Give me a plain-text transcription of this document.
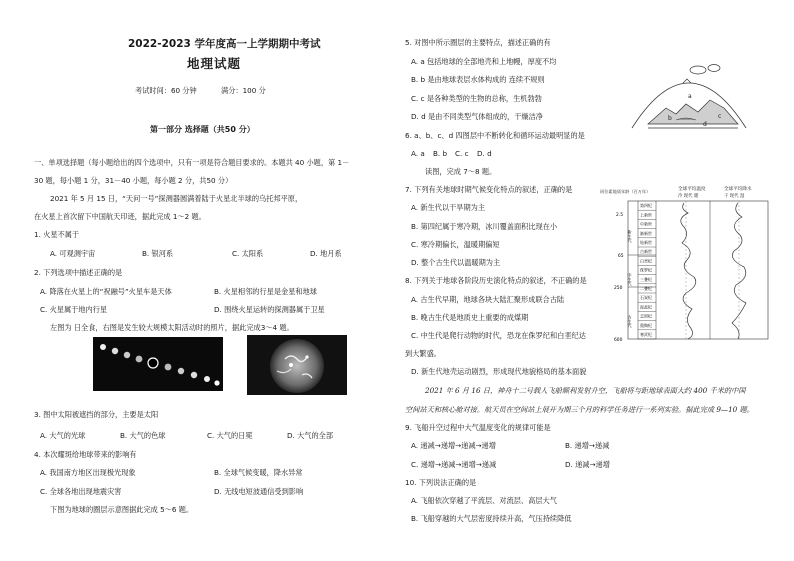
2022-2023 学年度高一上学期期中考试
地理试题
考试时间：60 分钟	满分：100 分
第一部分 选择题（共50 分）
一、单项选择题（每小题给出的四个选项中，只有一项是符合题目要求的。本题共 40 小题，第 1－
30 题，每小题 1 分，31－40 小题，每小题 2 分，共50 分）
2021 年 5 月 15 日，“天问一号”探测器圆满着陆于火星北半球的乌托邦平原，
在火星上首次留下中国航天印迹，据此完成 1～2 题。
1. 火星不属于
A. 可观测宇宙	B. 银河系	C. 太阳系	D. 地月系
2. 下列选项中描述正确的是
A. 降落在火星上的“祝融号”火星车是天体	B. 火星相邻的行星是金星和地球
C. 火星属于地内行星	D. 围绕火星运转的探测器属于卫星
左图为 日全食，右图是发生较大规模太阳活动时的照片，据此完成3～4 题。
3. 图中太阳被遮挡的部分，主要是太阳
A. 大气的光球	B. 大气的色球	C. 大气的日冕	D. 大气的全部
4. 本次耀斑给地球带来的影响有
A. 我国南方地区出现极光现象	B. 全球气候变暖，降水异常
C. 全球各地出现地震灾害	D. 无线电短波通信受到影响
下图为地球的圈层示意图据此完成 5～6 题。
5. 对图中所示圈层的主要特点，描述正确的有
A. a 包括地球的全部地壳和上地幔，厚度不均
B. b 是由地球表层水体构成的 连续不规则
C. c 是各种类型的生物的总称，生机勃勃
D. d 是由不同类型气体组成的，干燥洁净
a
b	c
d
6. a、b、c、d 四图层中不断转化和循环运动最明显的是
A. a B. b C. c D. d
读图，完成 7～8 题。
7. 下列有关地球时期气候变化特点的叙述，正确的是
A. 新生代以干旱期为主
B. 第四纪属于寒冷期，冰川覆盖面积比现在小
C. 寒冷期偏长，温暖期偏短
D. 整个古生代以温暖期为主
8. 下列关于地球各阶段历史演化特点的叙述，不正确的是
A. 古生代早期，地球各块大陆汇聚形成联合古陆
B. 晚古生代是地质史上重要的成煤期
C. 中生代是爬行动物的时代，恐龙在侏罗纪和白垩纪达
到大繁盛。
D. 新生代地壳运动剧烈，形成现代地貌格局的基本面貌
同位素地质年龄（百万年）	全球平均温度
冷 现代 暖
全球平均降水
干 现代 湿
2.5
65
250
600
第四纪
上新世
中新世
渐新世
始新世
古新世
白垩纪
侏罗纪
三叠纪
二叠纪
石炭纪
泥盆纪
志留纪
奥陶纪
寒武纪
新生代
中生代
古生代
2021 年 6 月 16 日，神舟十二号载人飞船顺利发射升空，飞船将与距地球表面大约 400 千米的中国
空间站天和核心舱对接。航天员在空间站上展开为期三个月的科学任务进行一系列实验。据此完成 9—10 题。
9. 飞船升空过程中大气温度变化的规律可能是
A. 递减→递增→递减→递增	B. 递增→递减
C. 递增→递减→递增→递减	D. 递减→递增
10. 下列说法正确的是
A. 飞船依次穿越了平流层、对流层、高层大气
B. 飞船穿越的大气层密度持续升高，气压持续降低
